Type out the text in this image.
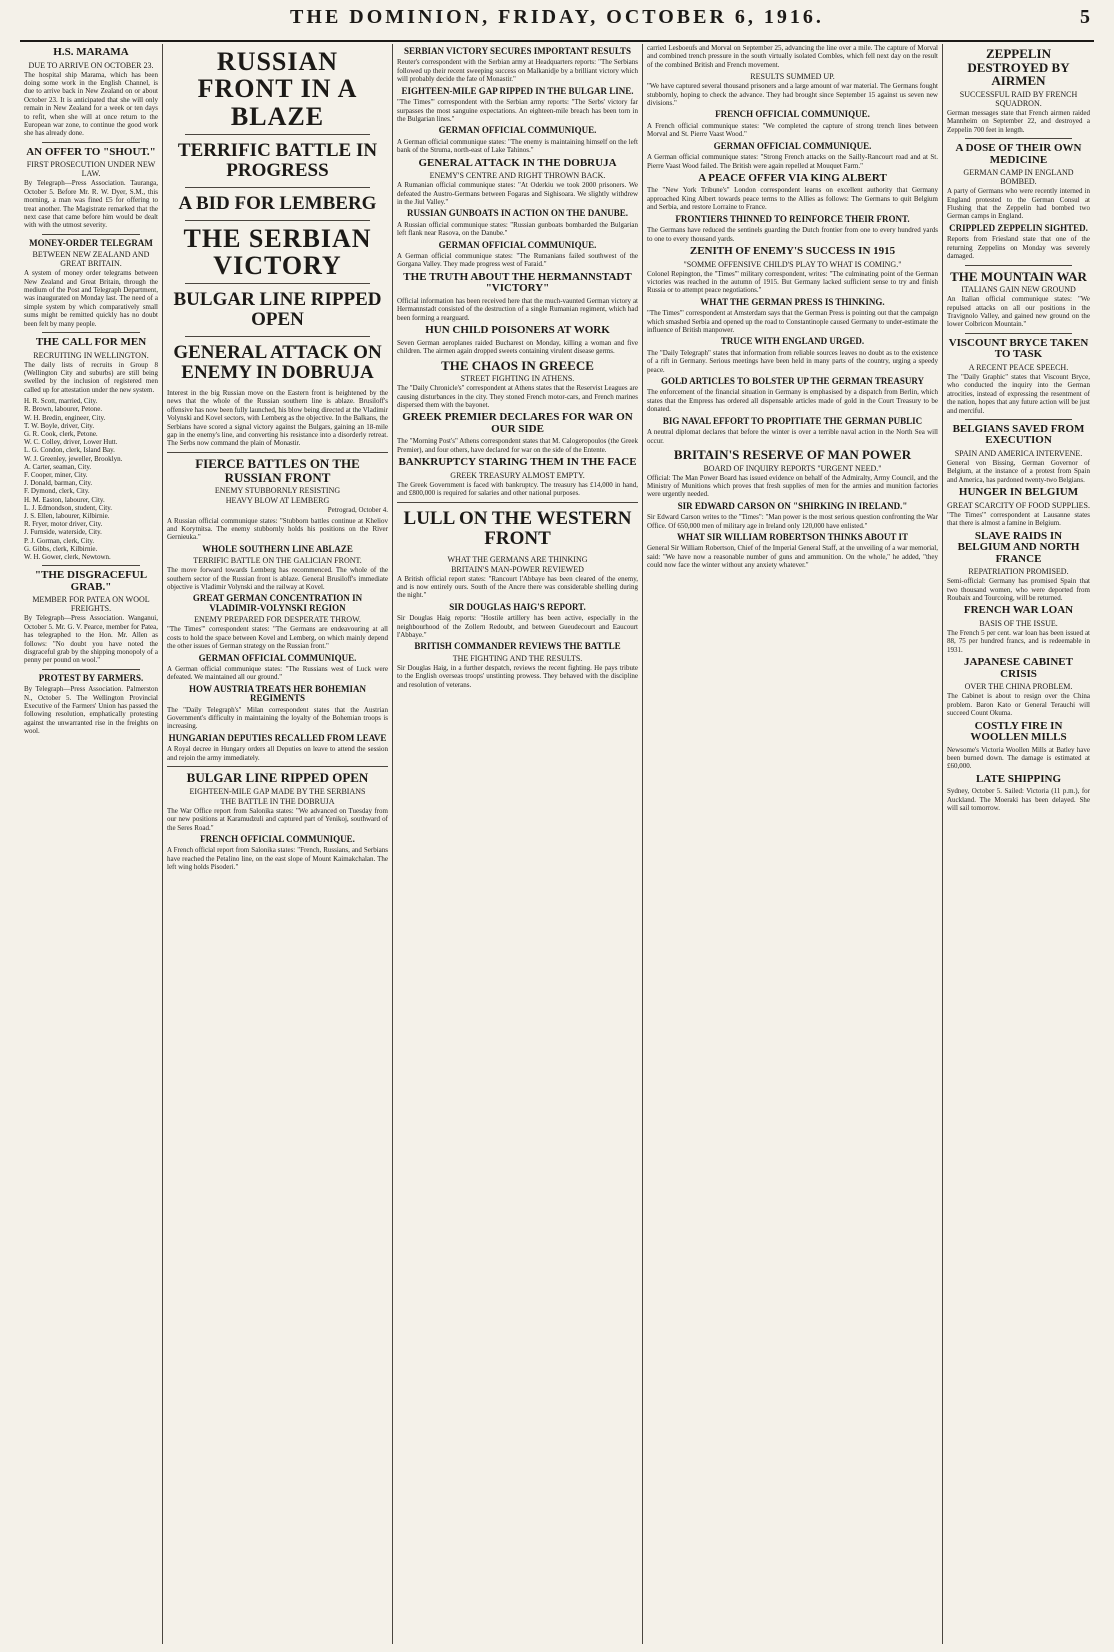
THE DOMINION, FRIDAY, OCTOBER 6, 1916.	5
H.S. MARAMA
DUE TO ARRIVE ON OCTOBER 23.

The hospital ship Marama, which has been doing some work in the English Channel, is due to arrive back in New Zealand on or about October 23. It is anticipated that she will only remain in New Zealand for a week or ten days to refit, when she will at once return to the European war zone, to continue the good work she has already done.

AN OFFER TO "SHOUT."
FIRST PROSECUTION UNDER NEW LAW.

By Telegraph—Press Association. Tauranga, October 5. Before Mr. R. W. Dyer, S.M., this morning, a man was fined £5 for offering to treat another. The Magistrate remarked that the next case that came before him would be dealt with with the utmost severity.

MONEY-ORDER TELEGRAM
BETWEEN NEW ZEALAND AND GREAT BRITAIN.

A system of money order telegrams between New Zealand and Great Britain, through the medium of the Post and Telegraph Department, was inaugurated on Monday last. The need of a simple system by which comparatively small sums might be remitted quickly has no doubt been felt by many people.

THE CALL FOR MEN
RECRUITING IN WELLINGTON.

The daily lists of recruits in Group 8 (Wellington City and suburbs) are still being swelled by the inclusion of registered men called up for attestation under the new system.

H. R. Scott, married, City.
R. Brown, labourer, Petone.
W. H. Bredin, engineer, City.
T. W. Boyle, driver, City.
G. R. Cook, clerk, Petone.
W. C. Colley, driver, Lower Hutt.
L. G. Condon, clerk, Island Bay.
W. J. Greenley, jeweller, Brooklyn.
A. Carter, seaman, City.
F. Cooper, miner, City.
J. Donald, barman, City.
F. Dymond, clerk, City.
H. M. Easton, labourer, City.
L. J. Edmondson, student, City.
J. S. Ellen, labourer, Kilbirnie.
R. Fryer, motor driver, City.
J. Furnside, waterside, City.
P. J. Gorman, clerk, City.
G. Gibbs, clerk, Kilbirnie.
W. H. Gower, clerk, Newtown.
"THE DISGRACEFUL GRAB."
MEMBER FOR PATEA ON WOOL FREIGHTS.

By Telegraph—Press Association. Wanganui, October 5. Mr. G. V. Pearce, member for Patea, has telegraphed to the Hon. Mr. Allen as follows: "No doubt you have noted the disgraceful grab by the shipping monopoly of a penny per pound on wool."

PROTEST BY FARMERS.

By Telegraph—Press Association. Palmerston N., October 5. The Wellington Provincial Executive of the Farmers' Union has passed the following resolution, emphatically protesting against the unwarranted rise in the freights on wool.

RUSSIAN FRONT IN A BLAZE
TERRIFIC BATTLE IN PROGRESS
A BID FOR LEMBERG
THE SERBIAN VICTORY
BULGAR LINE RIPPED OPEN
GENERAL ATTACK ON ENEMY IN DOBRUJA

Interest in the big Russian move on the Eastern front is heightened by the news that the whole of the Russian southern line is ablaze. Brusiloff's offensive has now been fully launched, his blow being directed at the Vladimir Volynski and Kovel sectors, with Lemberg as the objective. In the Balkans, the Serbians have scored a signal victory against the Bulgars, gaining an 18-mile gap in the enemy's line, and converting his resistance into a disorderly retreat. The Serbs now command the plain of Monastir.

FIERCE BATTLES ON THE RUSSIAN FRONT
ENEMY STUBBORNLY RESISTING
HEAVY BLOW AT LEMBERG

Petrograd, October 4.

A Russian official communique states: "Stubborn battles continue at Kheliov and Korytnitsa. The enemy stubbornly holds his positions on the River Gernieuka."

WHOLE SOUTHERN LINE ABLAZE
TERRIFIC BATTLE ON THE GALICIAN FRONT.

The move forward towards Lemberg has recommenced. The whole of the southern sector of the Russian front is ablaze. General Brusiloff's immediate objective is Vladimir Volynski and the railway at Kovel.

GREAT GERMAN CONCENTRATION IN VLADIMIR-VOLYNSKI REGION
ENEMY PREPARED FOR DESPERATE THROW.

"The Times'" correspondent states: "The Germans are endeavouring at all costs to hold the space between Kovel and Lemberg, on which mainly depend the other issues of German strategy on the Russian front."

GERMAN OFFICIAL COMMUNIQUE.

A German official communique states: "The Russians west of Luck were defeated. We maintained all our ground."

HOW AUSTRIA TREATS HER BOHEMIAN REGIMENTS

The "Daily Telegraph's" Milan correspondent states that the Austrian Government's difficulty in maintaining the loyalty of the Bohemian troops is increasing.

HUNGARIAN DEPUTIES RECALLED FROM LEAVE

A Royal decree in Hungary orders all Deputies on leave to attend the session and rejoin the army immediately.

BULGAR LINE RIPPED OPEN
EIGHTEEN-MILE GAP MADE BY THE SERBIANS
THE BATTLE IN THE DOBRUJA

The War Office report from Salonika states: "We advanced on Tuesday from our new positions at Karamudzuli and captured part of Yenikoj, southward of the Seres Road."

FRENCH OFFICIAL COMMUNIQUE.

A French official report from Salonika states: "French, Russians, and Serbians have reached the Petalino line, on the east slope of Mount Kaimakchalan. The left wing holds Pisoderi."

SERBIAN VICTORY SECURES IMPORTANT RESULTS

Reuter's correspondent with the Serbian army at Headquarters reports: "The Serbians followed up their recent sweeping success on Malkanidje by a brilliant victory which will probably decide the fate of Monastir."

EIGHTEEN-MILE GAP RIPPED IN THE BULGAR LINE.

"The Times'" correspondent with the Serbian army reports: "The Serbs' victory far surpasses the most sanguine expectations. An eighteen-mile breach has been torn in the Bulgarian lines."

GERMAN OFFICIAL COMMUNIQUE.

A German official communique states: "The enemy is maintaining himself on the left bank of the Struma, north-east of Lake Tahinos."

GENERAL ATTACK IN THE DOBRUJA
ENEMY'S CENTRE AND RIGHT THROWN BACK.

A Rumanian official communique states: "At Oderkiu we took 2000 prisoners. We defeated the Austro-Germans between Fogaras and Sighisoara. We slightly withdrew in the Jiul Valley."

RUSSIAN GUNBOATS IN ACTION ON THE DANUBE.

A Russian official communique states: "Russian gunboats bombarded the Bulgarian left flank near Rasova, on the Danube."

GERMAN OFFICIAL COMMUNIQUE.

A German official communique states: "The Rumanians failed southwest of the Gorgana Valley. They made progress west of Faraid."

THE TRUTH ABOUT THE HERMANNSTADT "VICTORY"

Official information has been received here that the much-vaunted German victory at Hermannstadt consisted of the destruction of a single Rumanian regiment, which had been forming a rearguard.

HUN CHILD POISONERS AT WORK

Seven German aeroplanes raided Bucharest on Monday, killing a woman and five children. The airmen again dropped sweets containing virulent disease germs.

THE CHAOS IN GREECE
STREET FIGHTING IN ATHENS.

The "Daily Chronicle's" correspondent at Athens states that the Reservist Leagues are causing disturbances in the city. They stoned French motor-cars, and French marines dispersed them with the bayonet.

GREEK PREMIER DECLARES FOR WAR ON OUR SIDE

The "Morning Post's" Athens correspondent states that M. Calogeropoulos (the Greek Premier), and four others, have declared for war on the side of the Entente.

BANKRUPTCY STARING THEM IN THE FACE
GREEK TREASURY ALMOST EMPTY.

The Greek Government is faced with bankruptcy. The treasury has £14,000 in hand, and £800,000 is required for salaries and other national purposes.

LULL ON THE WESTERN FRONT
WHAT THE GERMANS ARE THINKING
BRITAIN'S MAN-POWER REVIEWED

A British official report states: "Rancourt l'Abbaye has been cleared of the enemy, and is now entirely ours. South of the Ancre there was considerable shelling during the night."

SIR DOUGLAS HAIG'S REPORT.

Sir Douglas Haig reports: "Hostile artillery has been active, especially in the neighbourhood of the Zollern Redoubt, and between Gueudecourt and Eaucourt l'Abbaye."

BRITISH COMMANDER REVIEWS THE BATTLE
THE FIGHTING AND THE RESULTS.

Sir Douglas Haig, in a further despatch, reviews the recent fighting. He pays tribute to the English overseas troops' unstinting prowess. They behaved with the discipline and resolution of veterans.

carried Lesboeufs and Morval on September 25, advancing the line over a mile. The capture of Morval and combined trench pressure in the south virtually isolated Combles, which fell next day on the result of the combined British and French movement.

RESULTS SUMMED UP.

"We have captured several thousand prisoners and a large amount of war material. The Germans fought stubbornly, hoping to check the advance. They had brought since September 15 against us seven new divisions."

FRENCH OFFICIAL COMMUNIQUE.

A French official communique states: "We completed the capture of strong trench lines between Morval and St. Pierre Vaast Wood."

GERMAN OFFICIAL COMMUNIQUE.

A German official communique states: "Strong French attacks on the Sailly-Rancourt road and at St. Pierre Vaast Wood failed. The British were again repelled at Mouquet Farm."

A PEACE OFFER VIA KING ALBERT

The "New York Tribune's" London correspondent learns on excellent authority that Germany approached King Albert towards peace terms to the Allies as follows: The Germans to quit Belgium and Serbia, and restore Lorraine to France.

FRONTIERS THINNED TO REINFORCE THEIR FRONT.

The Germans have reduced the sentinels guarding the Dutch frontier from one to every hundred yards to one to every thousand yards.

ZENITH OF ENEMY'S SUCCESS IN 1915
"SOMME OFFENSIVE CHILD'S PLAY TO WHAT IS COMING."

Colonel Repington, the "Times'" military correspondent, writes: "The culminating point of the German victories was reached in the autumn of 1915. But Germany lacked sufficient sense to try and finish Russia or to attempt peace negotiations."

WHAT THE GERMAN PRESS IS THINKING.

"The Times'" correspondent at Amsterdam says that the German Press is pointing out that the campaign which smashed Serbia and opened up the road to Constantinople caused Germany to under-estimate the influence of British manpower.

TRUCE WITH ENGLAND URGED.

The "Daily Telegraph" states that information from reliable sources leaves no doubt as to the existence of a rift in Germany. Serious meetings have been held in many parts of the country, urging a speedy peace.

GOLD ARTICLES TO BOLSTER UP THE GERMAN TREASURY

The enforcement of the financial situation in Germany is emphasised by a dispatch from Berlin, which states that the Empress has ordered all dispensable articles made of gold in the Court Treasury to be donated.

BIG NAVAL EFFORT TO PROPITIATE THE GERMAN PUBLIC

A neutral diplomat declares that before the winter is over a terrible naval action in the North Sea will occur.

BRITAIN'S RESERVE OF MAN POWER
BOARD OF INQUIRY REPORTS "URGENT NEED."

Official: The Man Power Board has issued evidence on behalf of the Admiralty, Army Council, and the Ministry of Munitions which proves that fresh supplies of men for the armies and munition factories were urgently needed.

SIR EDWARD CARSON ON "SHIRKING IN IRELAND."

Sir Edward Carson writes to the "Times": "Man power is the most serious question confronting the War Office. Of 650,000 men of military age in Ireland only 120,000 have enlisted."

WHAT SIR WILLIAM ROBERTSON THINKS ABOUT IT

General Sir William Robertson, Chief of the Imperial General Staff, at the unveiling of a war memorial, said: "We have now a reasonable number of guns and ammunition. On the whole," he added, "they could now face the winter without any anxiety whatever."

ZEPPELIN DESTROYED BY AIRMEN
SUCCESSFUL RAID BY FRENCH SQUADRON.

German messages state that French airmen raided Mannheim on September 22, and destroyed a Zeppelin 700 feet in length.

A DOSE OF THEIR OWN MEDICINE
GERMAN CAMP IN ENGLAND BOMBED.

A party of Germans who were recently interned in England protested to the German Consul at Flushing that the Zeppelin had bombed two German camps in England.

CRIPPLED ZEPPELIN SIGHTED.

Reports from Friesland state that one of the returning Zeppelins on Monday was severely damaged.

THE MOUNTAIN WAR
ITALIANS GAIN NEW GROUND

An Italian official communique states: "We repulsed attacks on all our positions in the Travignolo Valley, and gained new ground on the lower Colbricon Mountain."

VISCOUNT BRYCE TAKEN TO TASK
A RECENT PEACE SPEECH.

The "Daily Graphic" states that Viscount Bryce, who conducted the inquiry into the German atrocities, instead of expressing the resentment of the nation, hopes that any future action will be just and merciful.

BELGIANS SAVED FROM EXECUTION
SPAIN AND AMERICA INTERVENE.

General von Bissing, German Governor of Belgium, at the instance of a protest from Spain and America, has pardoned twenty-two Belgians.

HUNGER IN BELGIUM
GREAT SCARCITY OF FOOD SUPPLIES.

"The Times'" correspondent at Lausanne states that there is almost a famine in Belgium.

SLAVE RAIDS IN BELGIUM AND NORTH FRANCE
REPATRIATION PROMISED.

Semi-official: Germany has promised Spain that two thousand women, who were deported from Roubaix and Tourcoing, will be returned.

FRENCH WAR LOAN
BASIS OF THE ISSUE.

The French 5 per cent. war loan has been issued at 88, 75 per hundred francs, and is redeemable in 1931.

JAPANESE CABINET CRISIS
OVER THE CHINA PROBLEM.

The Cabinet is about to resign over the China problem. Baron Kato or General Terauchi will succeed Count Okuma.

COSTLY FIRE IN WOOLLEN MILLS

Newsome's Victoria Woollen Mills at Batley have been burned down. The damage is estimated at £60,000.

LATE SHIPPING

Sydney, October 5. Sailed: Victoria (11 p.m.), for Auckland. The Moeraki has been delayed. She will sail tomorrow.
